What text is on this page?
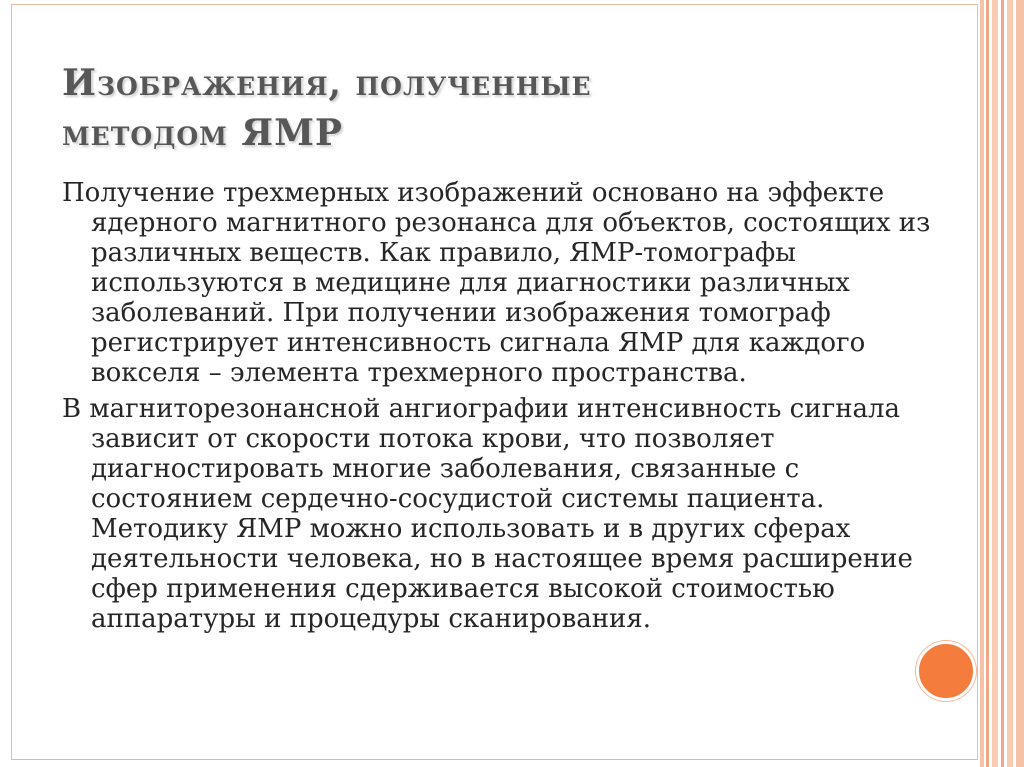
Изображения, полученные
методом ЯМР

Получение трехмерных изображений основано на эффекте ядерного магнитного резонанса для объектов, состоящих из различных веществ. Как правило, ЯМР-томографы используются в медицине для диагностики различных заболеваний. При получении изображения томограф регистрирует интенсивность сигнала ЯМР для каждого вокселя – элемента трехмерного пространства.

В магниторезонансной ангиографии интенсивность сигнала зависит от скорости потока крови, что позволяет диагностировать многие заболевания, связанные с состоянием сердечно-сосудистой системы пациента. Методику ЯМР можно использовать и в других сферах деятельности человека, но в настоящее время расширение сфер применения сдерживается высокой стоимостью аппаратуры и процедуры сканирования.
